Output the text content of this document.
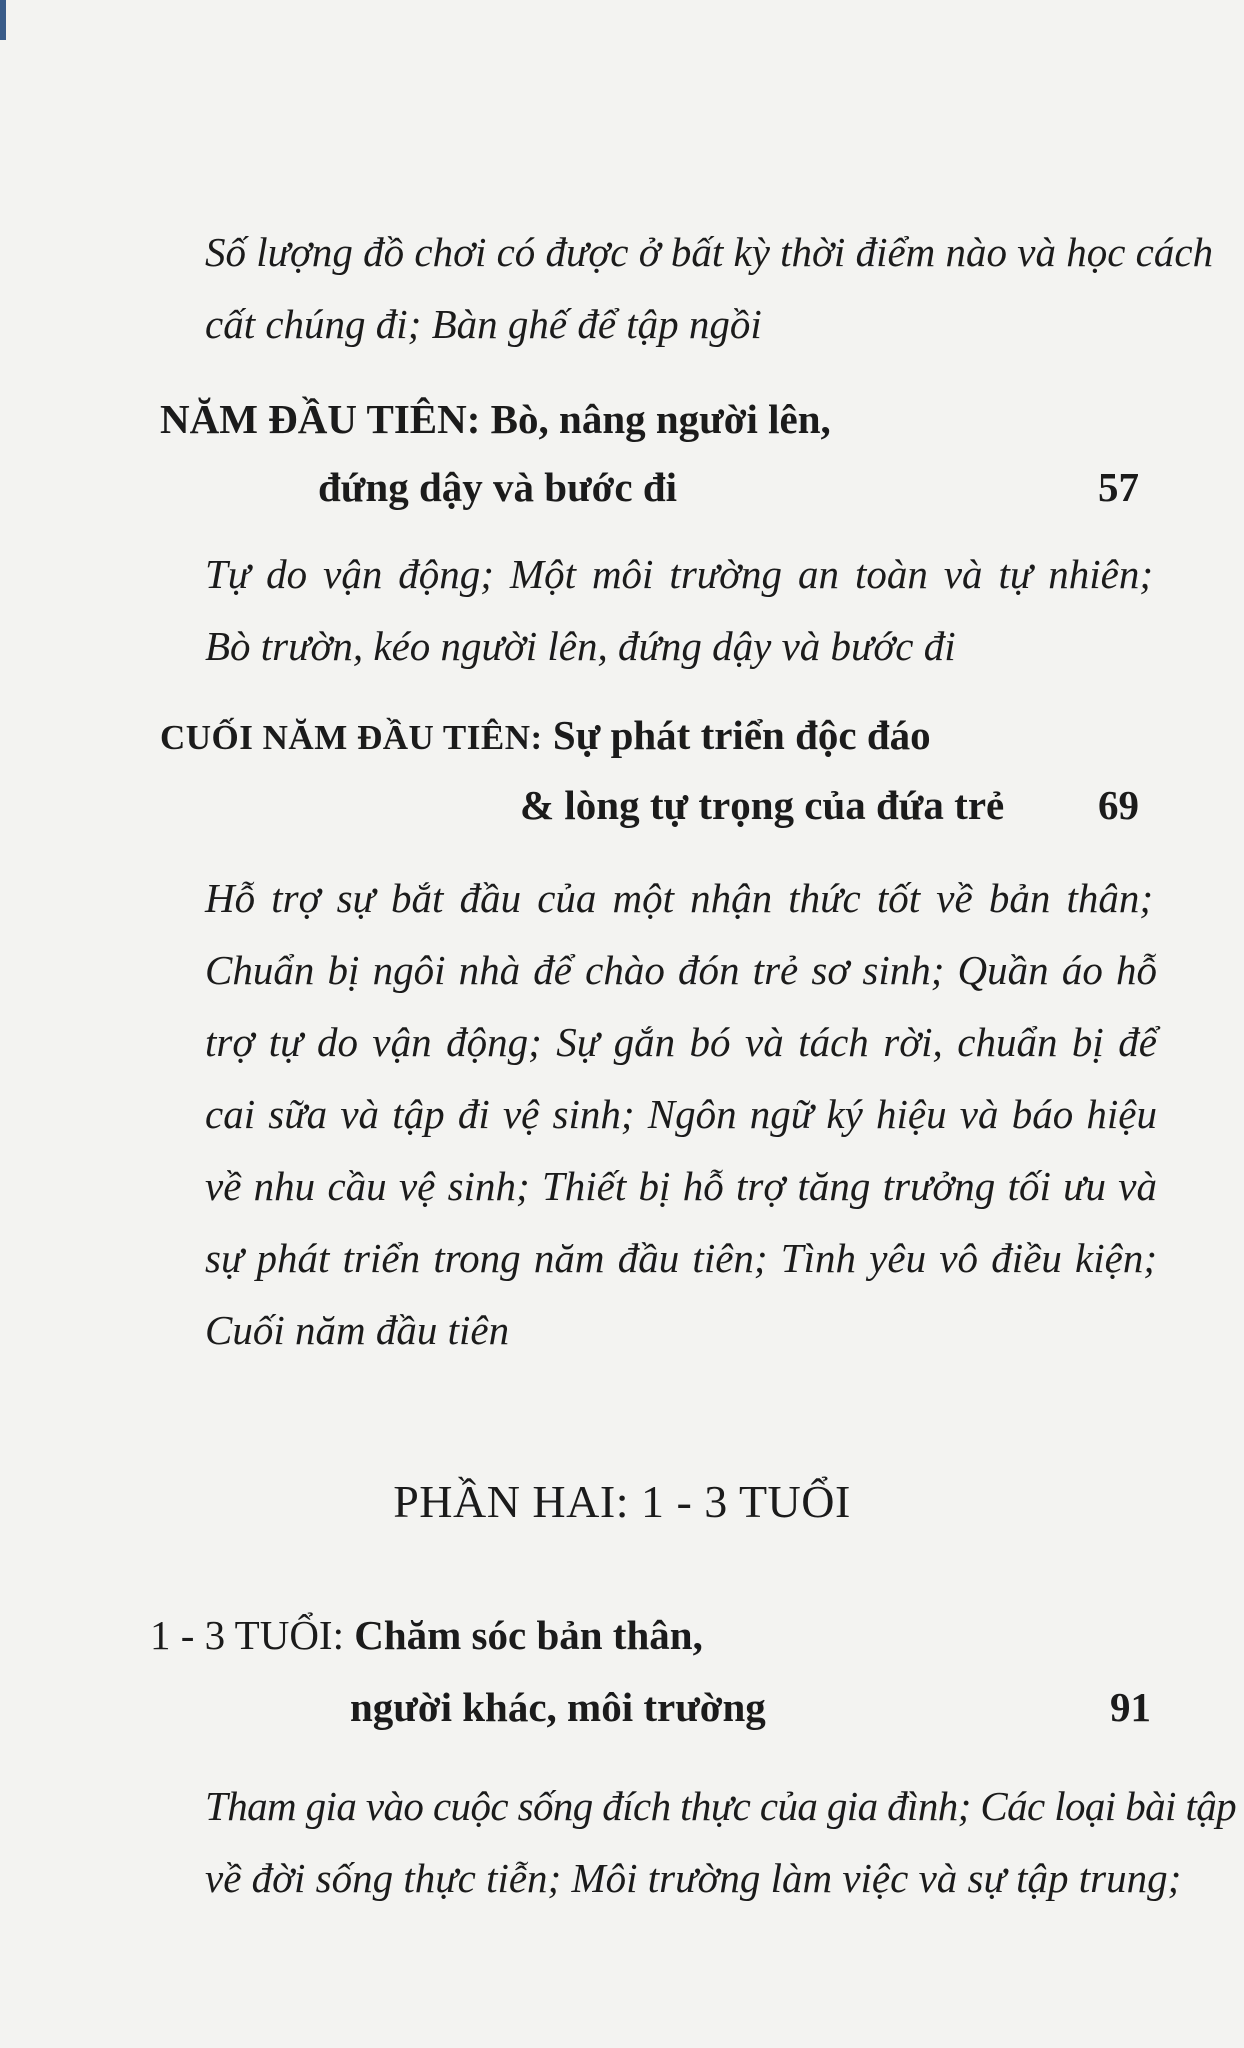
Số lượng đồ chơi có được ở bất kỳ thời điểm nào và học cách
cất chúng đi; Bàn ghế để tập ngồi
NĂM ĐẦU TIÊN: Bò, nâng người lên,
đứng dậy và bước đi	57
Tự do vận động; Một môi trường an toàn và tự nhiên;
Bò trườn, kéo người lên, đứng dậy và bước đi
CUỐI NĂM ĐẦU TIÊN: Sự phát triển độc đáo
& lòng tự trọng của đứa trẻ 69
Hỗ trợ sự bắt đầu của một nhận thức tốt về bản thân;
Chuẩn bị ngôi nhà để chào đón trẻ sơ sinh; Quần áo hỗ
trợ tự do vận động; Sự gắn bó và tách rời, chuẩn bị để
cai sữa và tập đi vệ sinh; Ngôn ngữ ký hiệu và báo hiệu
về nhu cầu vệ sinh; Thiết bị hỗ trợ tăng trưởng tối ưu và
sự phát triển trong năm đầu tiên; Tình yêu vô điều kiện;
Cuối năm đầu tiên
PHẦN HAI: 1 - 3 TUỔI
1 - 3 TUỔI: Chăm sóc bản thân,
người khác, môi trường	91
Tham gia vào cuộc sống đích thực của gia đình; Các loại bài tập
về đời sống thực tiễn; Môi trường làm việc và sự tập trung;
